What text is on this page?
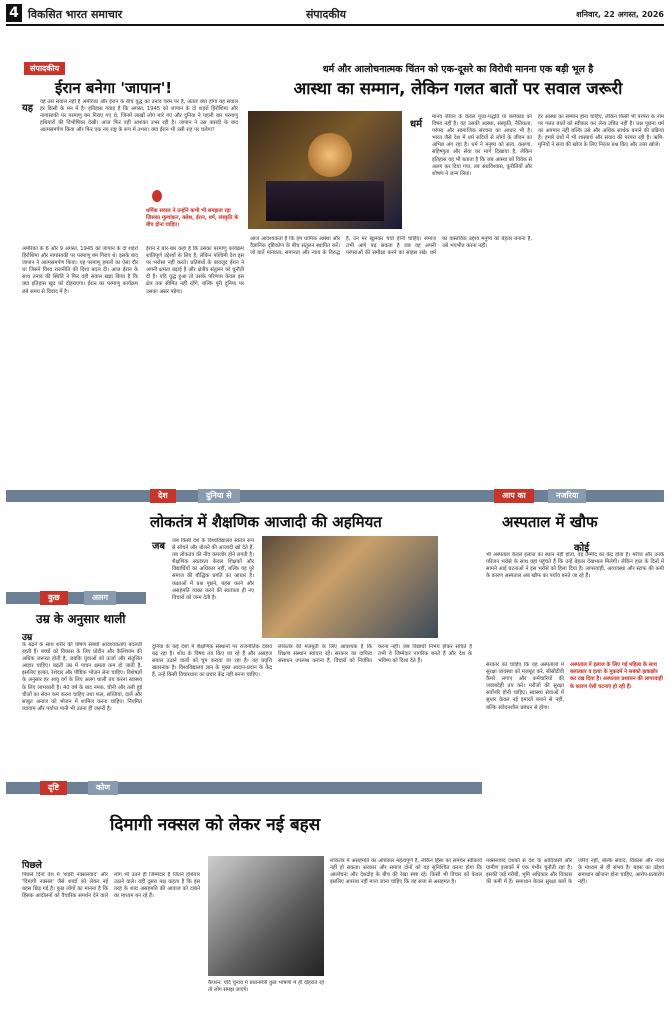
4 विकसित भारत समाचार	संपादकीय	शनिवार, 22 अगस्त, 2026
संपादकीय
ईरान बनेगा 'जापान'!
यह
वह उस सवाल नहीं है अमेरिका और ईरान के बीच युद्ध का तनाव चरम पर है, अंततः क्या होगा यह सवाल हर किसी के मन में है। इतिहास गवाह है कि अगस्त, 1945 को जापान के दो शहरों हिरोशिमा और नागासाकी पर परमाणु बम गिराए गए थे, जिनमें लाखों लोग मारे गए और दुनिया ने पहली बार परमाणु हथियारों की विभीषिका देखी। आज फिर वही आशंका उभर रही है। जापान ने उस त्रासदी के बाद आत्मसमर्पण किया और फिर एक नए राष्ट्र के रूप में उभरा। क्या ईरान भी उसी राह पर चलेगा?
अमेरिका के 6 और 9 अगस्त, 1945 को जापान के दो शहरों हिरोशिमा और नागासाकी पर परमाणु बम गिराए थे। इसके बाद जापान ने आत्मसमर्पण किया। यह परमाणु हमलों का ऐसा दौर था जिसने विश्व राजनीति की दिशा बदल दी। आज ईरान के साथ तनाव की स्थिति ने फिर वही सवाल खड़ा किया है कि क्या इतिहास खुद को दोहराएगा। ईरान का परमाणु कार्यक्रम लंबे समय से विवाद में है।
धर्मिक सवाल ने उन्होंने कभी भी समझता रहा जिसका मूल्यांकन, क्लेश, ईरान, धर्म, संस्कृति के बीच होना चाहिए।
ईरान ने बार-बार कहा है कि उसका परमाणु कार्यक्रम शांतिपूर्ण उद्देश्यों के लिए है, लेकिन पश्चिमी देश इस पर भरोसा नहीं करते। प्रतिबंधों के बावजूद ईरान ने अपनी क्षमता बढ़ाई है और क्षेत्रीय संतुलन को चुनौती दी है। यदि युद्ध हुआ तो उसके परिणाम केवल इस क्षेत्र तक सीमित नहीं रहेंगे, बल्कि पूरी दुनिया पर उसका असर पड़ेगा।
धर्म और आलोचनात्मक चिंतन को एक-दूसरे का विरोधी मानना एक बड़ी भूल है
आस्था का सम्मान, लेकिन गलत बातों पर सवाल जरूरी
धर्म
मानव जीवन के केवल पूजा-पद्धति या कर्मकांड का विषय नहीं है। यह उसकी आस्था, संस्कृति, नैतिकता, परंपरा और सामाजिक संरचना का आधार भी है। भारत जैसे देश में धर्म सदियों से लोगों के जीवन का अभिन्न अंग रहा है। धर्म ने मनुष्य को सत्य, करुणा, सहिष्णुता और सेवा का मार्ग दिखाया है, लेकिन इतिहास यह भी बताता है कि जब आस्था को विवेक से अलग कर दिया गया, तब अंधविश्वास, कुरीतियों और शोषण ने जन्म लिया।
हर आस्था का सम्मान होना चाहिए, लेकिन किसी भी परंपरा के नाम पर गलत बातों को स्वीकार कर लेना उचित नहीं है। प्रश्न पूछना धर्म का अपमान नहीं बल्कि उसे और अधिक सार्थक बनाने की प्रक्रिया है। हमारे ग्रंथों में भी शास्त्रार्थ और संवाद की परंपरा रही है। ऋषि-मुनियों ने सत्य की खोज के लिए निरंतर प्रश्न किए और उत्तर खोजे।
आज आवश्यकता है कि हम धार्मिक आस्था और वैज्ञानिक दृष्टिकोण के बीच संतुलन स्थापित करें। जो बातें मानवता, समानता और न्याय के विरुद्ध हैं, उन पर खुलकर चर्चा होनी चाहिए। समाज तभी आगे बढ़ सकता है जब वह अपनी परंपराओं की समीक्षा करने का साहस रखे। धर्म का वास्तविक उद्देश्य मनुष्य को बेहतर बनाना है, उसे भयभीत करना नहीं।
देश	दुनिया से	आप का	नजरिया
लोकतंत्र में शैक्षणिक आजादी की अहमियत
जब जब किसी देश के विश्वविद्यालय स्वतंत्र रूप से सोचने और बोलने की आजादी खो देते हैं, तब लोकतंत्र की नींव कमजोर होने लगती है। शैक्षणिक स्वतंत्रता केवल शिक्षकों और विद्यार्थियों का अधिकार नहीं, बल्कि यह पूरे समाज की बौद्धिक प्रगति का आधार है। कक्षाओं में प्रश्न पूछने, बहस करने और असहमति व्यक्त करने की स्वतंत्रता ही नए विचारों को जन्म देती है।
दुनिया के कई देशों में शैक्षणिक संस्थानों पर राजनीतिक दबाव बढ़ रहा है। शोध के विषय तय किए जा रहे हैं और असहज सवाल उठाने वालों को चुप कराया जा रहा है। यह प्रवृत्ति खतरनाक है। विश्वविद्यालय ज्ञान के मुक्त आदान-प्रदान के केंद्र हैं, उन्हें किसी विचारधारा का प्रचार केंद्र नहीं बनना चाहिए।
लोकतंत्र की मजबूती के लिए आवश्यक है कि शिक्षण संस्थान स्वायत्त रहें। सरकार का दायित्व संसाधन उपलब्ध कराना है, विचारों को नियंत्रित करना नहीं। जब विद्यार्थी निर्भय होकर सोचते हैं तभी वे जिम्मेदार नागरिक बनते हैं और देश के भविष्य को दिशा देते हैं।
अस्पताल में खौफ
कोई
भी अस्पताल केवल इलाज का स्थान नहीं होता, वह उम्मीद का केंद्र होता है। मरीज और उनके परिजन भरोसे के साथ वहां पहुंचते हैं कि उन्हें बेहतर देखभाल मिलेगी। लेकिन हाल के दिनों में सामने आई घटनाओं ने इस भरोसे को हिला दिया है। लापरवाही, अव्यवस्था और स्टाफ की कमी के कारण अस्पताल अब खौफ का पर्याय बनते जा रहे हैं।
अस्पताल में इलाज के लिए गई महिला के साथ बलात्कार व हत्या के मुकदमें ने सबको झकझोर कर रख दिया है। अस्पताल प्रशासन की लापरवाही के कारण ऐसी घटनाएं हो रही हैं।
सरकार को चाहिए कि वह अस्पतालों में सुरक्षा व्यवस्था को मजबूत करे, सीसीटीवी कैमरे लगाए और कर्मचारियों की जवाबदेही तय करे। मरीजों की सुरक्षा सर्वोपरि होनी चाहिए। स्वास्थ्य सेवाओं में सुधार केवल नई इमारतें बनाने से नहीं, बल्कि संवेदनशील प्रबंधन से होगा।
कुछ	अलग
उम्र के अनुसार थाली
उम्र
के बढ़ने के साथ शरीर की पोषण संबंधी आवश्यकताएं बदलती रहती हैं। बच्चों को विकास के लिए प्रोटीन और कैल्शियम की अधिक जरूरत होती है, जबकि युवाओं को ऊर्जा और संतुलित आहार चाहिए। बढ़ती उम्र में पाचन क्षमता कम हो जाती है, इसलिए हल्का, रेशेदार और पौष्टिक भोजन लेना चाहिए। विशेषज्ञों के अनुसार हर आयु वर्ग के लिए अलग थाली तय करना स्वास्थ्य के लिए लाभकारी है। 40 वर्ष के बाद नमक, चीनी और तली हुई चीजों का सेवन कम करना चाहिए तथा फल, सब्जियां, दालें और साबुत अनाज को भोजन में शामिल करना चाहिए। नियमित व्यायाम और पर्याप्त पानी भी उतना ही जरूरी है।
दृष्टि	कोण
दिमागी नक्सल को लेकर नई बहस
पिछले
पिछले दिनों देश में 'शहरी नक्सलवाद' और 'दिमागी नक्सल' जैसे शब्दों को लेकर नई बहस छिड़ गई है। कुछ लोगों का मानना है कि हिंसक आंदोलनों को वैचारिक समर्थन देने वाले लोग भी उतने ही जिम्मेदार हैं जितने हथियार उठाने वाले। वहीं दूसरा पक्ष कहता है कि इस तरह के शब्द असहमति की आवाज को दबाने का माध्यम बन रहे हैं।
कैप्शन: यदि चुनाव में प्रधानमंत्री कुछ भाषणों में ही दोहराते रहे तो लोग समझ जाएंगे।
लोकतंत्र में असहमति का अधिकार महत्वपूर्ण है, लेकिन हिंसा का समर्थन स्वीकार्य नहीं हो सकता। सरकार और समाज दोनों को यह सुनिश्चित करना होगा कि आलोचना और देशद्रोह के बीच की रेखा स्पष्ट रहे। किसी भी विचार को केवल इसलिए अपराध नहीं माना जाना चाहिए कि वह सत्ता से असहमत है।
नक्सलवाद दशकों से देश के आदिवासी और ग्रामीण इलाकों में एक गंभीर चुनौती रहा है। इसकी जड़ें गरीबी, भूमि अधिकार और विकास की कमी में हैं। समाधान केवल सुरक्षा बलों के जरिए नहीं, बल्कि संवाद, विकास और न्याय के माध्यम से ही संभव है। बहस का उद्देश्य समाधान खोजना होना चाहिए, आरोप-प्रत्यारोप नहीं।
